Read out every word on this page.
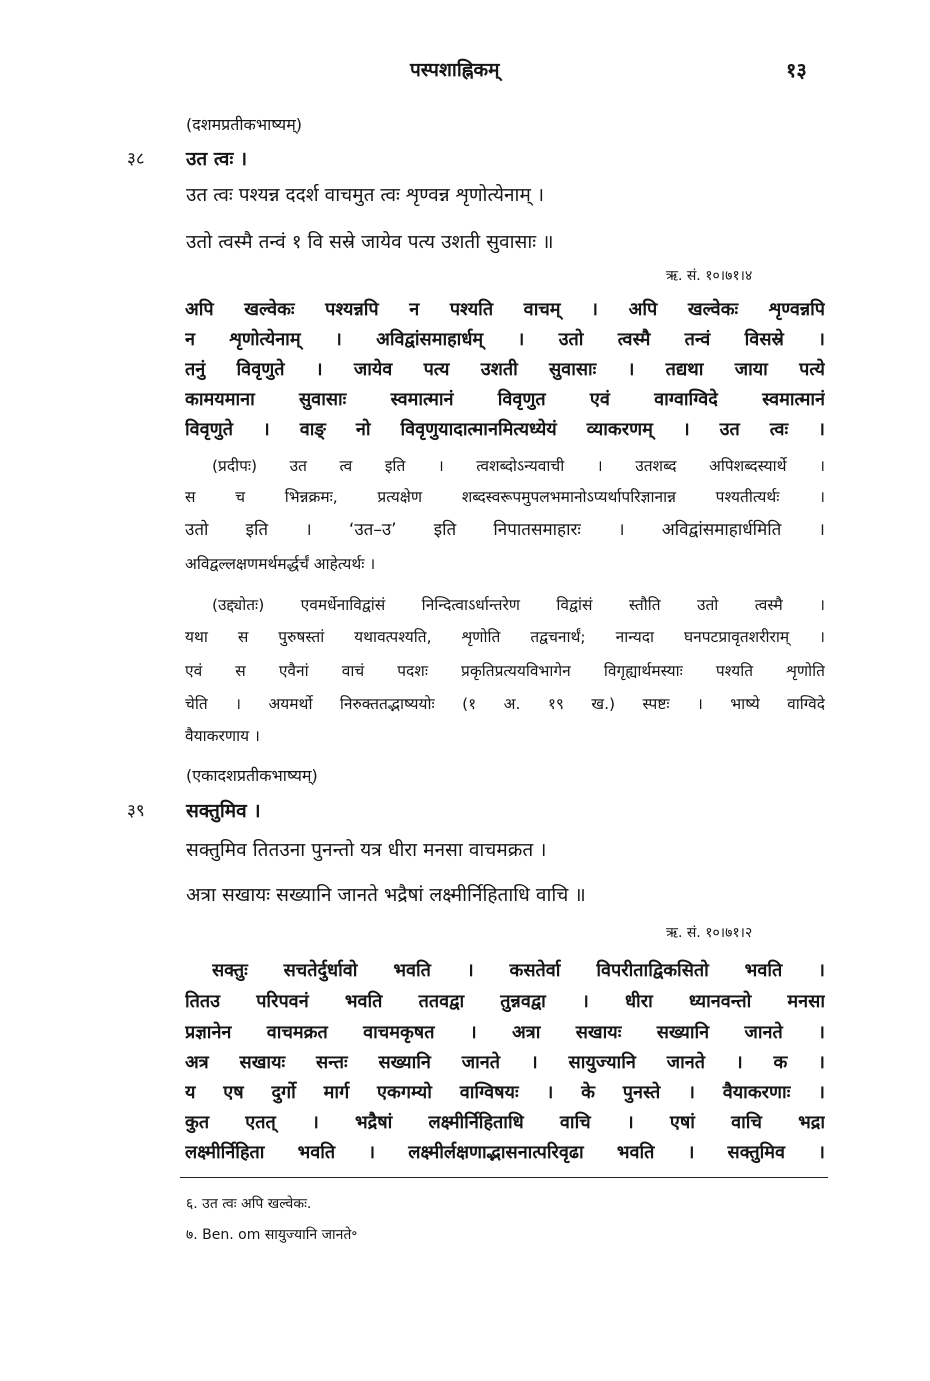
पस्पशाह्निकम्	१३
(दशमप्रतीकभाष्यम्)
३८ उत त्वः ।
उत त्वः पश्यन्न ददर्श वाचमुत त्वः शृण्वन्न शृणोत्येनाम् ।
उतो त्वस्मै तन्वं १ वि सस्रे जायेव पत्य उशती सुवासाः ॥
ऋ. सं. १०।७१।४
अपि खल्वेकः पश्यन्नपि न पश्यति वाचम् । अपि खल्वेकः शृण्वन्नपि
न शृणोत्येनाम् । अविद्वांसमाहार्धम् । उतो त्वस्मै तन्वं विसस्रे ।
तनुं विवृणुते । जायेव पत्य उशती सुवासाः । तद्यथा जाया पत्ये
कामयमाना सुवासाः स्वमात्मानं विवृणुत एवं वाग्वाग्विदे स्वमात्मानं
विवृणुते । वाङ् नो विवृणुयादात्मानमित्यध्येयं व्याकरणम् । उत त्वः ।
(प्रदीपः) उत त्व इति । त्वशब्दोऽन्यवाची । उतशब्द अपिशब्दस्यार्थे ।
स च भिन्नक्रमः, प्रत्यक्षेण शब्दस्वरूपमुपलभमानोऽप्यर्थापरिज्ञानान्न पश्यतीत्यर्थः ।
उतो इति । ‘उत–उ’ इति निपातसमाहारः । अविद्वांसमाहार्धमिति ।
अविद्वल्लक्षणमर्थमर्द्धर्चं आहेत्यर्थः ।
(उद्द्योतः) एवमर्धेनाविद्वांसं निन्दित्वाऽर्धान्तरेण विद्वांसं स्तौति उतो त्वस्मै ।
यथा स पुरुषस्तां यथावत्पश्यति, शृणोति तद्वचनार्थं; नान्यदा घनपटप्रावृतशरीराम् ।
एवं स एवैनां वाचं पदशः प्रकृतिप्रत्ययविभागेन विगृह्यार्थमस्याः पश्यति शृणोति
चेति । अयमर्थो निरुक्ततद्भाष्ययोः (१ अ. १९ ख.) स्पष्टः । भाष्ये वाग्विदे
वैयाकरणाय ।
(एकादशप्रतीकभाष्यम्)
३९ सक्तुमिव ।
सक्तुमिव तितउना पुनन्तो यत्र धीरा मनसा वाचमक्रत ।
अत्रा सखायः सख्यानि जानते भद्रैषां लक्ष्मीर्निहिताधि वाचि ॥
ऋ. सं. १०।७१।२
सक्तुः सचतेर्दुर्धावो भवति । कसतेर्वा विपरीताद्विकसितो भवति ।
तितउ परिपवनं भवति ततवद्वा तुन्नवद्वा । धीरा ध्यानवन्तो मनसा
प्रज्ञानेन वाचमक्रत वाचमकृषत । अत्रा सखायः सख्यानि जानते ।
अत्र सखायः सन्तः सख्यानि जानते । सायुज्यानि जानते । क ।
य एष दुर्गो मार्ग एकगम्यो वाग्विषयः । के पुनस्ते । वैयाकरणाः ।
कुत एतत् । भद्रैषां लक्ष्मीर्निहिताधि वाचि । एषां वाचि भद्रा
लक्ष्मीर्निहिता भवति । लक्ष्मीर्लक्षणाद्भासनात्परिवृढा भवति । सक्तुमिव ।
६. उत त्वः अपि खल्वेकः.
७. Ben. om सायुज्यानि जानते॰
